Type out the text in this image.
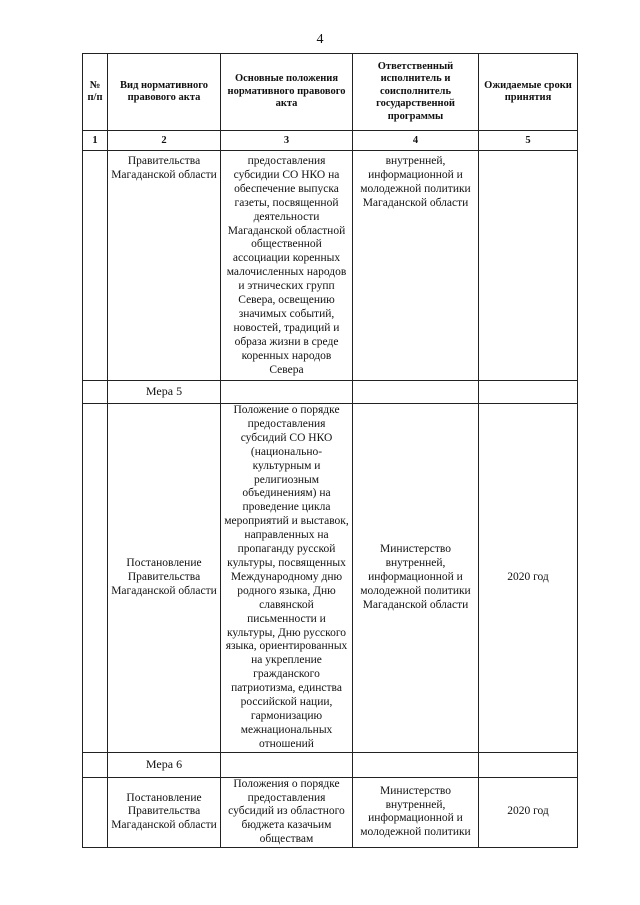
4
№ п/п	Вид нормативного правового акта	Основные положения нормативного правового акта	Ответственный исполнитель и соисполнитель государственной программы	Ожидаемые сроки принятия
1	2	3	4	5
	Правительства Магаданской области	предоставления субсидии СО НКО на обеспечение выпуска газеты, посвященной деятельности Магаданской областной общественной ассоциации коренных малочисленных народов и этнических групп Севера, освещению значимых событий, новостей, традиций и образа жизни в среде коренных народов Севера	внутренней, информационной и молодежной политики Магаданской области	
	Мера 5			
	Постановление Правительства Магаданской области	Положение о порядке предоставления субсидий СО НКО (национально-культурным и религиозным объединениям) на проведение цикла мероприятий и выставок, направленных на пропаганду русской культуры, посвященных Международному дню родного языка, Дню славянской письменности и культуры, Дню русского языка, ориентированных на укрепление гражданского патриотизма, единства российской нации, гармонизацию межнациональных отношений	Министерство внутренней, информационной и молодежной политики Магаданской области	2020 год
	Мера 6			
	Постановление Правительства Магаданской области	Положения о порядке предоставления субсидий из областного бюджета казачьим обществам	Министерство внутренней, информационной и молодежной политики	2020 год
